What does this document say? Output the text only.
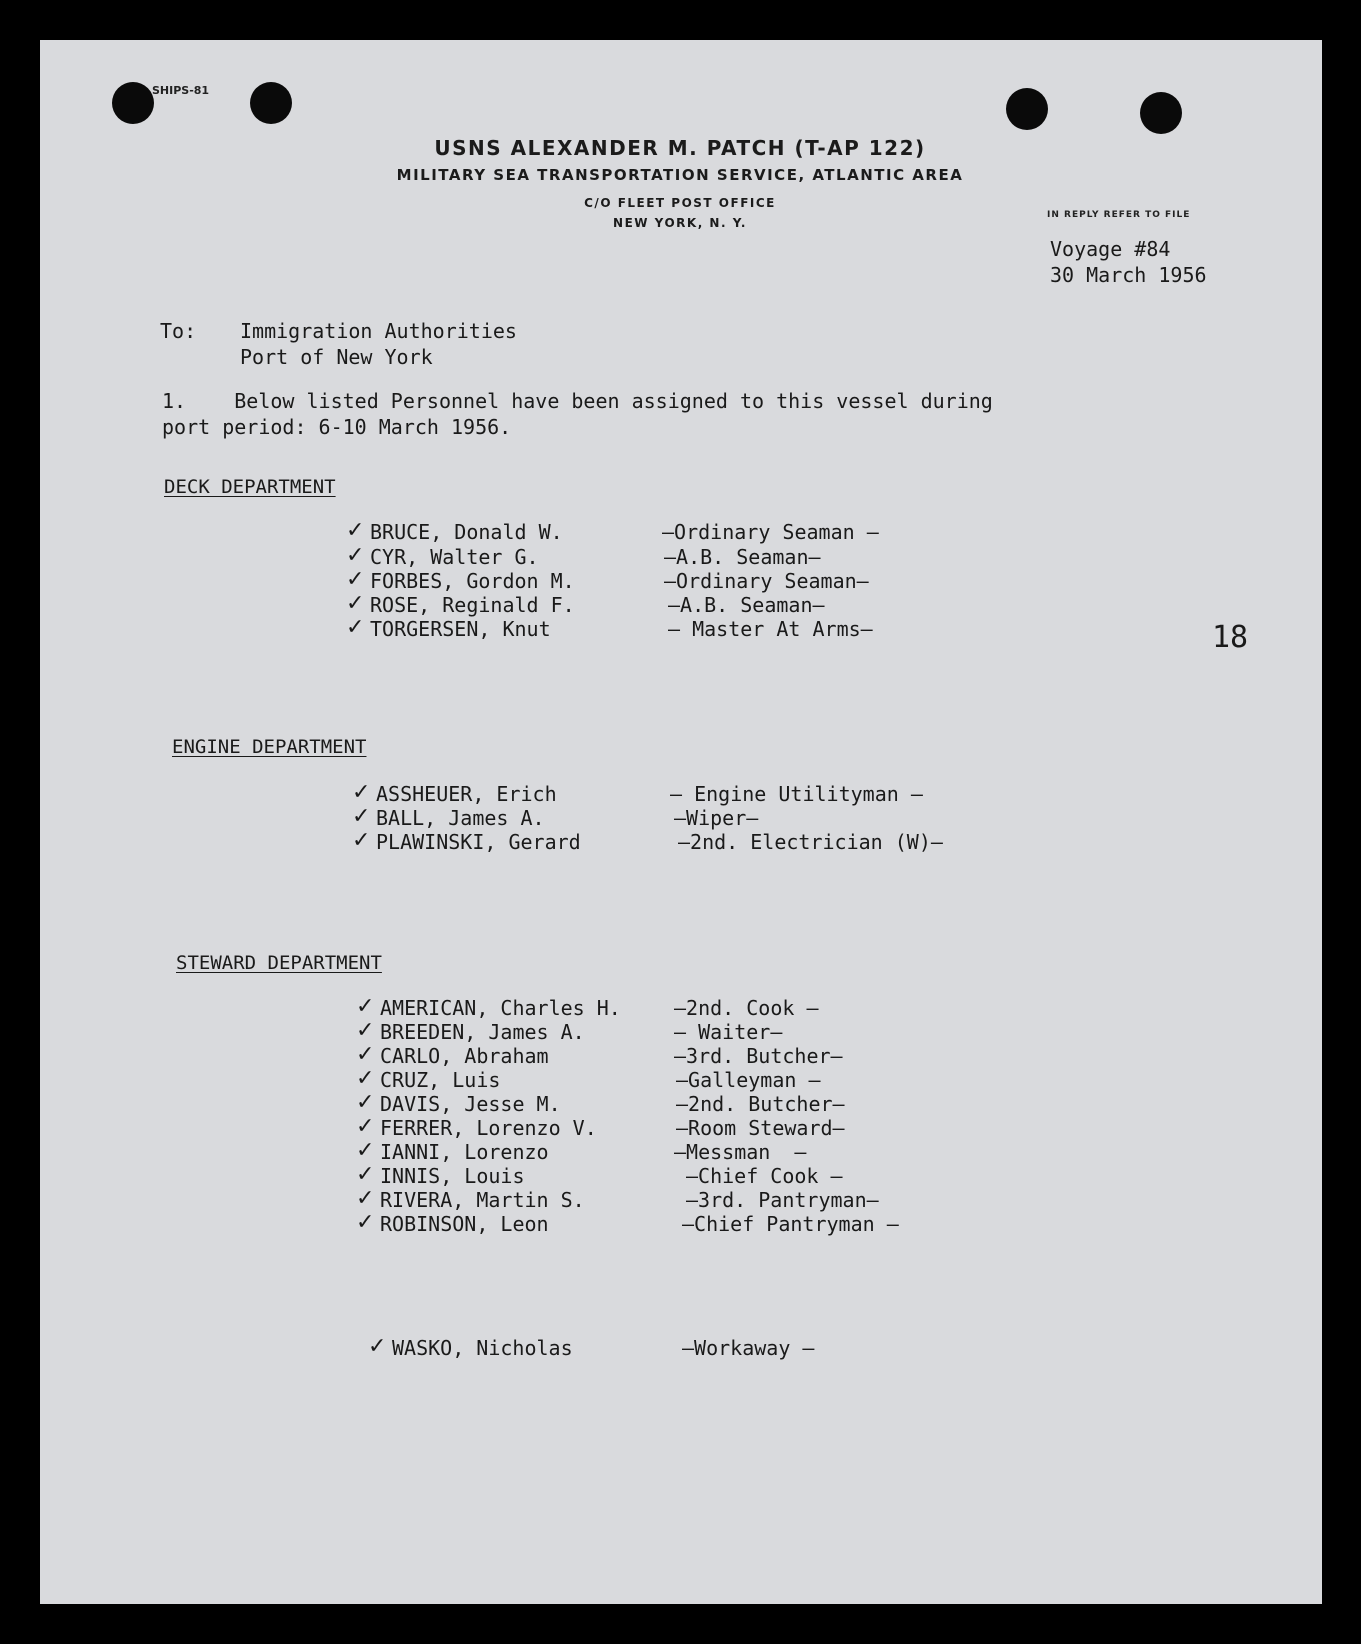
SHIPS-81
USNS ALEXANDER M. PATCH (T-AP 122)
MILITARY SEA TRANSPORTATION SERVICE, ATLANTIC AREA
C/O FLEET POST OFFICE
NEW YORK, N. Y.
IN REPLY REFER TO FILE
Voyage #84
30 March 1956
To: Immigration Authorities
Port of New York
1.    Below listed Personnel have been assigned to this vessel during
port period: 6-10 March 1956.
DECK DEPARTMENT
✓ BRUCE, Donald W.	—Ordinary Seaman —
✓ CYR, Walter G.	—A.B. Seaman—
✓ FORBES, Gordon M.	—Ordinary Seaman—
✓ ROSE, Reginald F.	—A.B. Seaman—
✓ TORGERSEN, Knut	— Master At Arms—	18
ENGINE DEPARTMENT
✓ ASSHEUER, Erich	— Engine Utilityman —
✓ BALL, James A.	—Wiper—
✓ PLAWINSKI, Gerard	—2nd. Electrician (W)—
STEWARD DEPARTMENT
✓ AMERICAN, Charles H.	—2nd. Cook —
✓ BREEDEN, James A.	— Waiter—
✓ CARLO, Abraham	—3rd. Butcher—
✓ CRUZ, Luis	—Galleyman —
✓ DAVIS, Jesse M.	—2nd. Butcher—
✓ FERRER, Lorenzo V.	—Room Steward—
✓ IANNI, Lorenzo	—Messman  —
✓ INNIS, Louis	—Chief Cook —
✓ RIVERA, Martin S.	—3rd. Pantryman—
✓ ROBINSON, Leon	—Chief Pantryman —
✓ WASKO, Nicholas	—Workaway —
